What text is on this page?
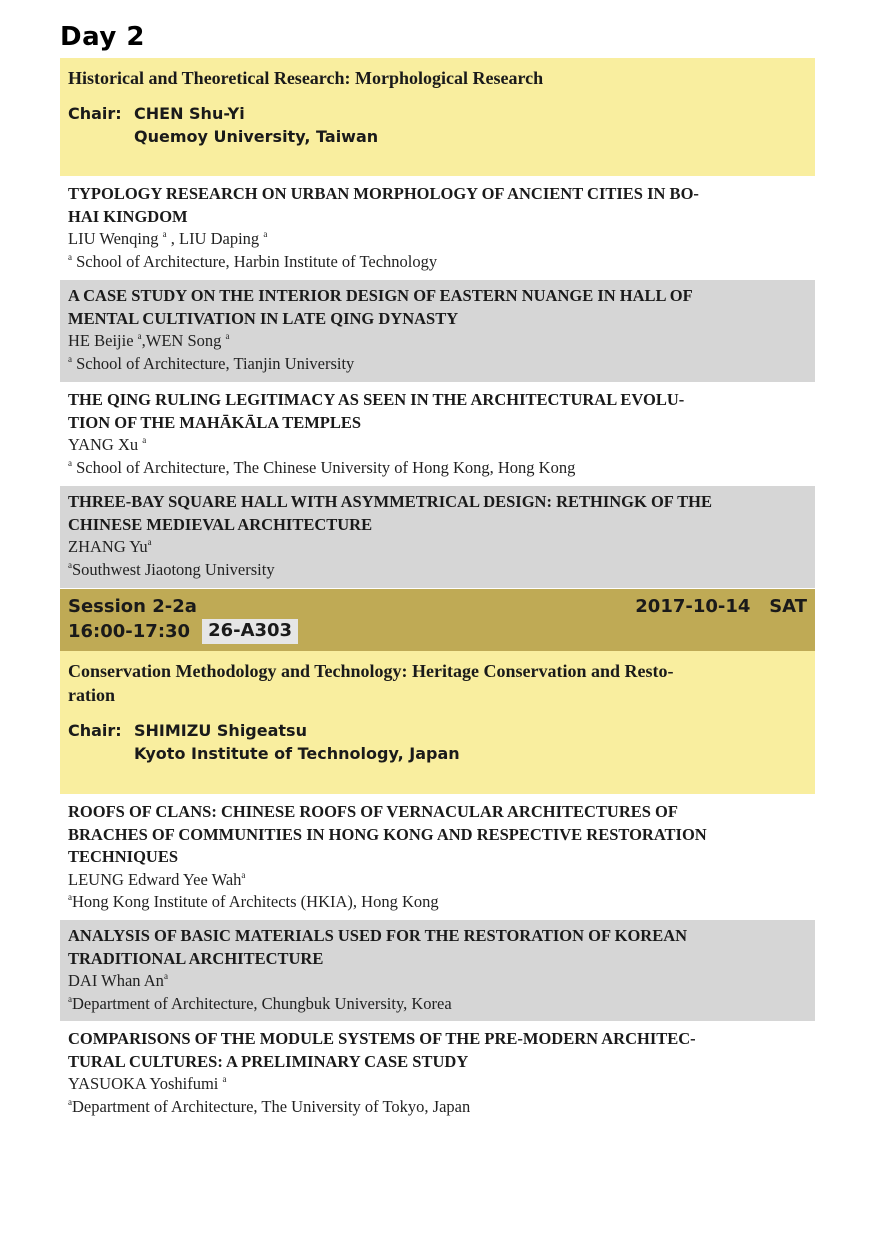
Day 2
Historical and Theoretical Research: Morphological Research
Chair: CHEN Shu-Yi
Quemoy University, Taiwan
TYPOLOGY RESEARCH ON URBAN MORPHOLOGY OF ANCIENT CITIES IN BO-
HAI KINGDOM
LIU Wenqing $^a$ , LIU Daping $^a$
$^a$ School of Architecture, Harbin Institute of Technology
A CASE STUDY ON THE INTERIOR DESIGN OF EASTERN NUANGE IN HALL OF
MENTAL CULTIVATION IN LATE QING DYNASTY
HE Beijie $^a$,WEN Song $^a$
$^a$ School of Architecture, Tianjin University
THE QING RULING LEGITIMACY AS SEEN IN THE ARCHITECTURAL EVOLU-
TION OF THE MAHĀKĀLA TEMPLES
YANG Xu $^a$
$^a$ School of Architecture, The Chinese University of Hong Kong, Hong Kong
THREE-BAY SQUARE HALL WITH ASYMMETRICAL DESIGN: RETHINGK OF THE
CHINESE MEDIEVAL ARCHITECTURE
ZHANG Yu$^a$
$^a$Southwest Jiaotong University
Session 2-2a	2017-10-14   SAT
16:00-17:30	26-A303
Conservation Methodology and Technology: Heritage Conservation and Resto-
ration
Chair: SHIMIZU Shigeatsu
Kyoto Institute of Technology, Japan
ROOFS OF CLANS: CHINESE ROOFS OF VERNACULAR ARCHITECTURES OF
BRACHES OF COMMUNITIES IN HONG KONG AND RESPECTIVE RESTORATION
TECHNIQUES
LEUNG Edward Yee Wah$^a$
$^a$Hong Kong Institute of Architects (HKIA), Hong Kong
ANALYSIS OF BASIC MATERIALS USED FOR THE RESTORATION OF KOREAN
TRADITIONAL ARCHITECTURE
DAI Whan An$^a$
$^a$Department of Architecture, Chungbuk University, Korea
COMPARISONS OF THE MODULE SYSTEMS OF THE PRE-MODERN ARCHITEC-
TURAL CULTURES: A PRELIMINARY CASE STUDY
YASUOKA Yoshifumi $^a$
$^a$Department of Architecture, The University of Tokyo, Japan
